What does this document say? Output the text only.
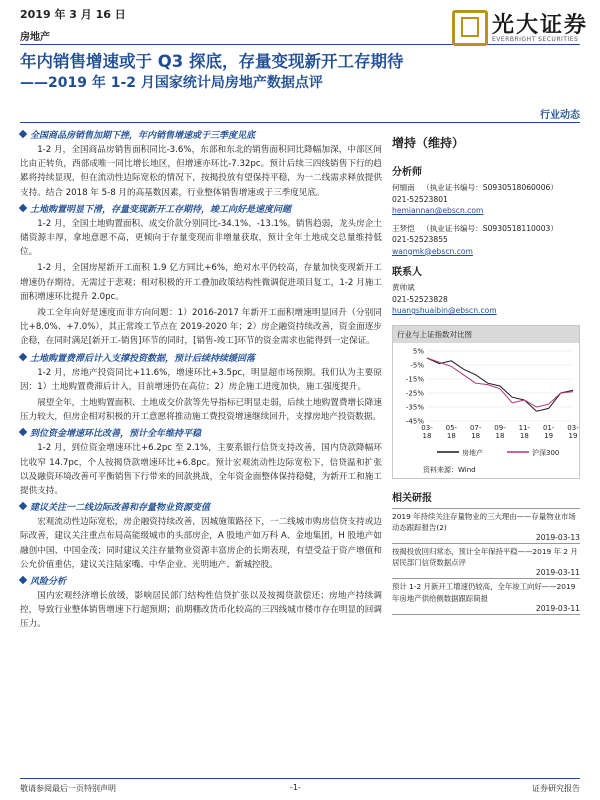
2019 年 3 月 16 日
房地产	光大证券
EVERBRIGHT SECURITIES
年内销售增速或于 Q3 探底，存量变现新开工存期待
——2019 年 1-2 月国家统计局房地产数据点评
行业动态
全国商品房销售加期下挫，年内销售增速或于三季度见底

1-2 月，全国商品房销售面积同比-3.6%，东部和东北的销售面积同比降幅加深，中部区间比由正转负，西部成唯一同比增长地区，但增速亦环比-7.32pc。预计后续三四线销售下行的趋累将持续显现，但在流动性边际宽松的情况下，按揭投放有望保持平稳，为一二线需求释放提供支持。结合 2018 年 5-8 月的高基数因素，行业整体销售增速或于三季度见底。

土地购置明显下滑，存量变现新开工存期待，竣工向好是速度问题

1-2 月，全国土地购置面积、成交价款分别同比-34.1%、-13.1%。销售趋弱，龙头房企土储资源丰厚，拿地意愿不高，更倾向于存量变现而非增量获取，预计全年土地成交总量维持低位。

1-2 月，全国房屋新开工面积 1.9 亿方同比+6%，绝对水平仍较高，存量加快变现新开工增速仍存期待，无需过于悲观；相对积极的开工叠加政策结构性微调促进项目复工，1-2 月施工面积增速环比提升 2.0pc。

竣工全年向好是速度而非方向问题：1）2016-2017 年新开工面积增速明显回升（分别同比+8.0%、+7.0%），其正常竣工节点在 2019-2020 年；2）房企融资持续改善，资金面逐步企稳，在同时满足[新开工-销售]环节的同时，[销售-竣工]环节的资金需求也能得到一定保证。

土地购置费滞后计入支撑投资数据，预计后续持续缓回落

1-2 月，房地产投资同比+11.6%，增速环比+3.5pc，明显超市场预期。我们认为主要原因：1）土地购置费滞后计入，目前增速仍在高位；2）房企施工进度加快，施工强度提升。

展望全年，土地购置面积、土地成交价款等先导指标已明显走弱，后续土地购置费增长降速压力较大，但房企相对积极的开工意愿将推动施工费投资增速继续回升，支撑房地产投资数据。

到位资金增速环比改善，预计全年维持平稳

1-2 月，到位资金增速环比+6.2pc 至 2.1%，主要系银行信贷支持改善，国内贷款降幅环比收窄 14.7pc，个人按揭贷款增速环比+6.8pc。预计宏观流动性边际宽松下，信贷温和扩张以及融资环境改善可平衡销售下行带来的回款挑战，全年资金面整体保持稳健，为新开工和施工提供支持。

建议关注一二线边际改善和存量物业资源变值

宏观流动性边际宽松，房企融资持续改善，因城施策路径下，一二线城市购房信贷支持或边际改善，建议关注重点布局高能级城市的头部房企，A 股地产如万科 A、金地集团，H 股地产如融创中国、中国金茂；同时建议关注存量物业资源丰富房企的长期表现，有望受益于资产增值和公允价值重估，建议关注陆家嘴、中华企业、光明地产、新城控股。

风险分析

国内宏观经济增长放缓，影响居民部门结构性信贷扩张以及按揭贷款偿还；房地产持续调控，导致行业整体销售增速下行超预期；前期棚改货币化较高的三四线城市楼市存在明显的回调压力。

增持（维持）
分析师
何缅南 （执业证书编号：S0930518060006）
021-52523801
hemiannan@ebscn.com
王梦恺 （执业证书编号：S0930518110003）
021-52523855
wangmk@ebscn.com
联系人
黄帅斌
021-52523828
huangshuaibin@ebscn.com
行业与上证指数对比图
5%
-5%
-15%
-25%
-35%
-45%
03-
18
05-
18
07-
18
09-
18
11-
18
01-
19
03-
19
房地产	沪深300
资料来源：Wind
相关研报
2019 年持续关注存量物业的三大理由——存量物业市场动态跟踪报告(2)
2019-03-13
按揭投放回归常态，预计全年保持平稳——2019 年 2 月居民部门信贷数据点评
2019-03-11
预计 1-2 月新开工增速仍较高，全年竣工向好——2019 年房地产供给侧数据跟踪简报
2019-03-11
敬请参阅最后一页特别声明	-1-	证券研究报告
